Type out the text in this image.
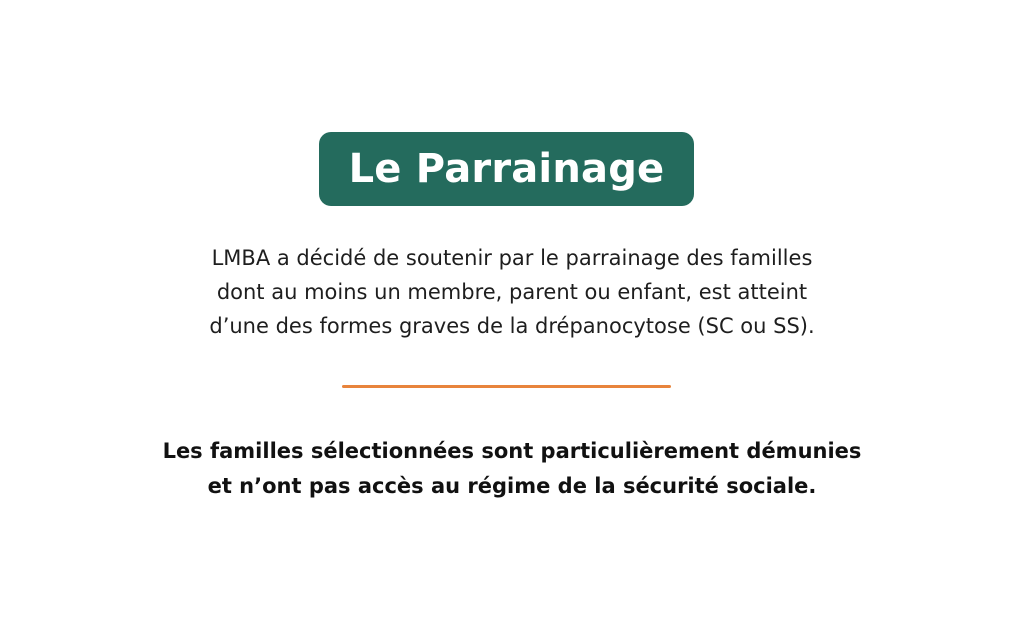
Le Parrainage
LMBA a décidé de soutenir par le parrainage des familles
dont au moins un membre, parent ou enfant, est atteint
d’une des formes graves de la drépanocytose (SC ou SS).
Les familles sélectionnées sont particulièrement démunies
et n’ont pas accès au régime de la sécurité sociale.
